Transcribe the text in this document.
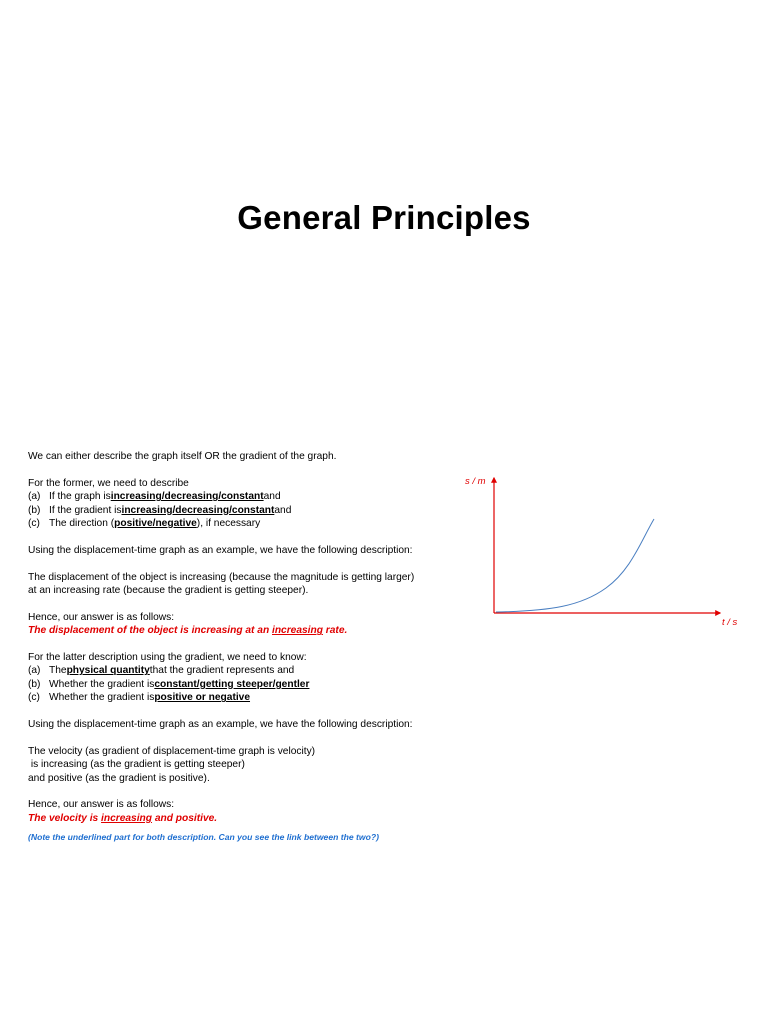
General Principles
We can either describe the graph itself OR the gradient of the graph.
For the former, we need to describe
(a) If the graph is increasing/decreasing/constant and
(b) If the gradient is increasing/decreasing/constant and
(c) The direction ( positive/negative ), if necessary
Using the displacement-time graph as an example, we have the following description:
The displacement of the object is increasing (because the magnitude is getting larger)
at an increasing rate (because the gradient is getting steeper).
Hence, our answer is as follows:
The displacement of the object is increasing at an increasing rate.
For the latter description using the gradient, we need to know:
(a) The physical quantity that the gradient represents and
(b) Whether the gradient is constant/getting steeper/gentler
(c) Whether the gradient is positive or negative
Using the displacement-time graph as an example, we have the following description:
The velocity (as gradient of displacement-time graph is velocity)
is increasing (as the gradient is getting steeper)
and positive (as the gradient is positive).
Hence, our answer is as follows:
The velocity is increasing and positive.
(Note the underlined part for both description. Can you see the link between the two?)
s / m
t / s
